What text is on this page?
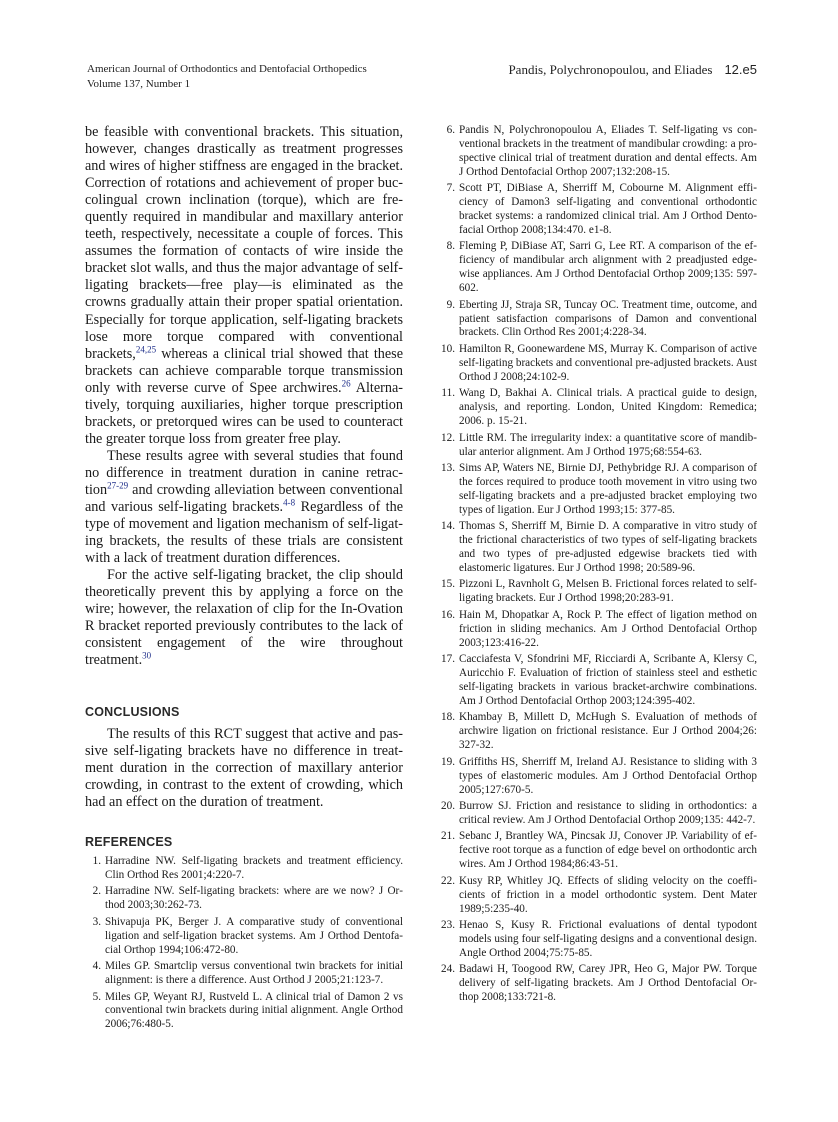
American Journal of Orthodontics and Dentofacial Orthopedics
Volume 137, Number 1
Pandis, Polychronopoulou, and Eliades 12.e5

be feasible with conventional brackets. This situation, however, changes drastically as treatment progresses and wires of higher stiffness are engaged in the bracket. Correction of rotations and achievement of proper buccolingual crown inclination (torque), which are frequently required in mandibular and maxillary anterior teeth, respectively, necessitate a couple of forces. This assumes the formation of contacts of wire inside the bracket slot walls, and thus the major advantage of self-ligating brackets—free play—is eliminated as the crowns gradually attain their proper spatial orientation. Especially for torque application, self-ligating brackets lose more torque compared with conventional brackets,$^{24,25}$ whereas a clinical trial showed that these brackets can achieve comparable torque transmission only with reverse curve of Spee archwires.$^{26}$ Alternatively, torquing auxiliaries, higher torque prescription brackets, or pretorqued wires can be used to counteract the greater torque loss from greater free play.

These results agree with several studies that found no difference in treatment duration in canine retraction$^{27-29}$ and crowding alleviation between conventional and various self-ligating brackets.$^{4-8}$ Regardless of the type of movement and ligation mechanism of self-ligating brackets, the results of these trials are consistent with a lack of treatment duration differences.

For the active self-ligating bracket, the clip should theoretically prevent this by applying a force on the wire; however, the relaxation of clip for the In-Ovation R bracket reported previously contributes to the lack of consistent engagement of the wire throughout treatment.$^{30}$

CONCLUSIONS

The results of this RCT suggest that active and passive self-ligating brackets have no difference in treatment duration in the correction of maxillary anterior crowding, in contrast to the extent of crowding, which had an effect on the duration of treatment.

REFERENCES
1. Harradine NW. Self-ligating brackets and treatment efficiency. Clin Orthod Res 2001;4:220-7.
2. Harradine NW. Self-ligating brackets: where are we now? J Orthod 2003;30:262-73.
3. Shivapuja PK, Berger J. A comparative study of conventional ligation and self-ligation bracket systems. Am J Orthod Dentofacial Orthop 1994;106:472-80.
4. Miles GP. Smartclip versus conventional twin brackets for initial alignment: is there a difference. Aust Orthod J 2005;21:123-7.
5. Miles GP, Weyant RJ, Rustveld L. A clinical trial of Damon 2 vs conventional twin brackets during initial alignment. Angle Orthod 2006;76:480-5.
6. Pandis N, Polychronopoulou A, Eliades T. Self-ligating vs conventional brackets in the treatment of mandibular crowding: a prospective clinical trial of treatment duration and dental effects. Am J Orthod Dentofacial Orthop 2007;132:208-15.
7. Scott PT, DiBiase A, Sherriff M, Cobourne M. Alignment efficiency of Damon3 self-ligating and conventional orthodontic bracket systems: a randomized clinical trial. Am J Orthod Dentofacial Orthop 2008;134:470. e1-8.
8. Fleming P, DiBiase AT, Sarri G, Lee RT. A comparison of the efficiency of mandibular arch alignment with 2 preadjusted edgewise appliances. Am J Orthod Dentofacial Orthop 2009;135: 597-602.
9. Eberting JJ, Straja SR, Tuncay OC. Treatment time, outcome, and patient satisfaction comparisons of Damon and conventional brackets. Clin Orthod Res 2001;4:228-34.
10. Hamilton R, Goonewardene MS, Murray K. Comparison of active self-ligating brackets and conventional pre-adjusted brackets. Aust Orthod J 2008;24:102-9.
11. Wang D, Bakhai A. Clinical trials. A practical guide to design, analysis, and reporting. London, United Kingdom: Remedica; 2006. p. 15-21.
12. Little RM. The irregularity index: a quantitative score of mandibular anterior alignment. Am J Orthod 1975;68:554-63.
13. Sims AP, Waters NE, Birnie DJ, Pethybridge RJ. A comparison of the forces required to produce tooth movement in vitro using two self-ligating brackets and a pre-adjusted bracket employing two types of ligation. Eur J Orthod 1993;15: 377-85.
14. Thomas S, Sherriff M, Birnie D. A comparative in vitro study of the frictional characteristics of two types of self-ligating brackets and two types of pre-adjusted edgewise brackets tied with elastomeric ligatures. Eur J Orthod 1998; 20:589-96.
15. Pizzoni L, Ravnholt G, Melsen B. Frictional forces related to self-ligating brackets. Eur J Orthod 1998;20:283-91.
16. Hain M, Dhopatkar A, Rock P. The effect of ligation method on friction in sliding mechanics. Am J Orthod Dentofacial Orthop 2003;123:416-22.
17. Cacciafesta V, Sfondrini MF, Ricciardi A, Scribante A, Klersy C, Auricchio F. Evaluation of friction of stainless steel and esthetic self-ligating brackets in various bracket-archwire combinations. Am J Orthod Dentofacial Orthop 2003;124:395-402.
18. Khambay B, Millett D, McHugh S. Evaluation of methods of archwire ligation on frictional resistance. Eur J Orthod 2004;26: 327-32.
19. Griffiths HS, Sherriff M, Ireland AJ. Resistance to sliding with 3 types of elastomeric modules. Am J Orthod Dentofacial Orthop 2005;127:670-5.
20. Burrow SJ. Friction and resistance to sliding in orthodontics: a critical review. Am J Orthod Dentofacial Orthop 2009;135: 442-7.
21. Sebanc J, Brantley WA, Pincsak JJ, Conover JP. Variability of effective root torque as a function of edge bevel on orthodontic arch wires. Am J Orthod 1984;86:43-51.
22. Kusy RP, Whitley JQ. Effects of sliding velocity on the coefficients of friction in a model orthodontic system. Dent Mater 1989;5:235-40.
23. Henao S, Kusy R. Frictional evaluations of dental typodont models using four self-ligating designs and a conventional design. Angle Orthod 2004;75:75-85.
24. Badawi H, Toogood RW, Carey JPR, Heo G, Major PW. Torque delivery of self-ligating brackets. Am J Orthod Dentofacial Orthop 2008;133:721-8.
